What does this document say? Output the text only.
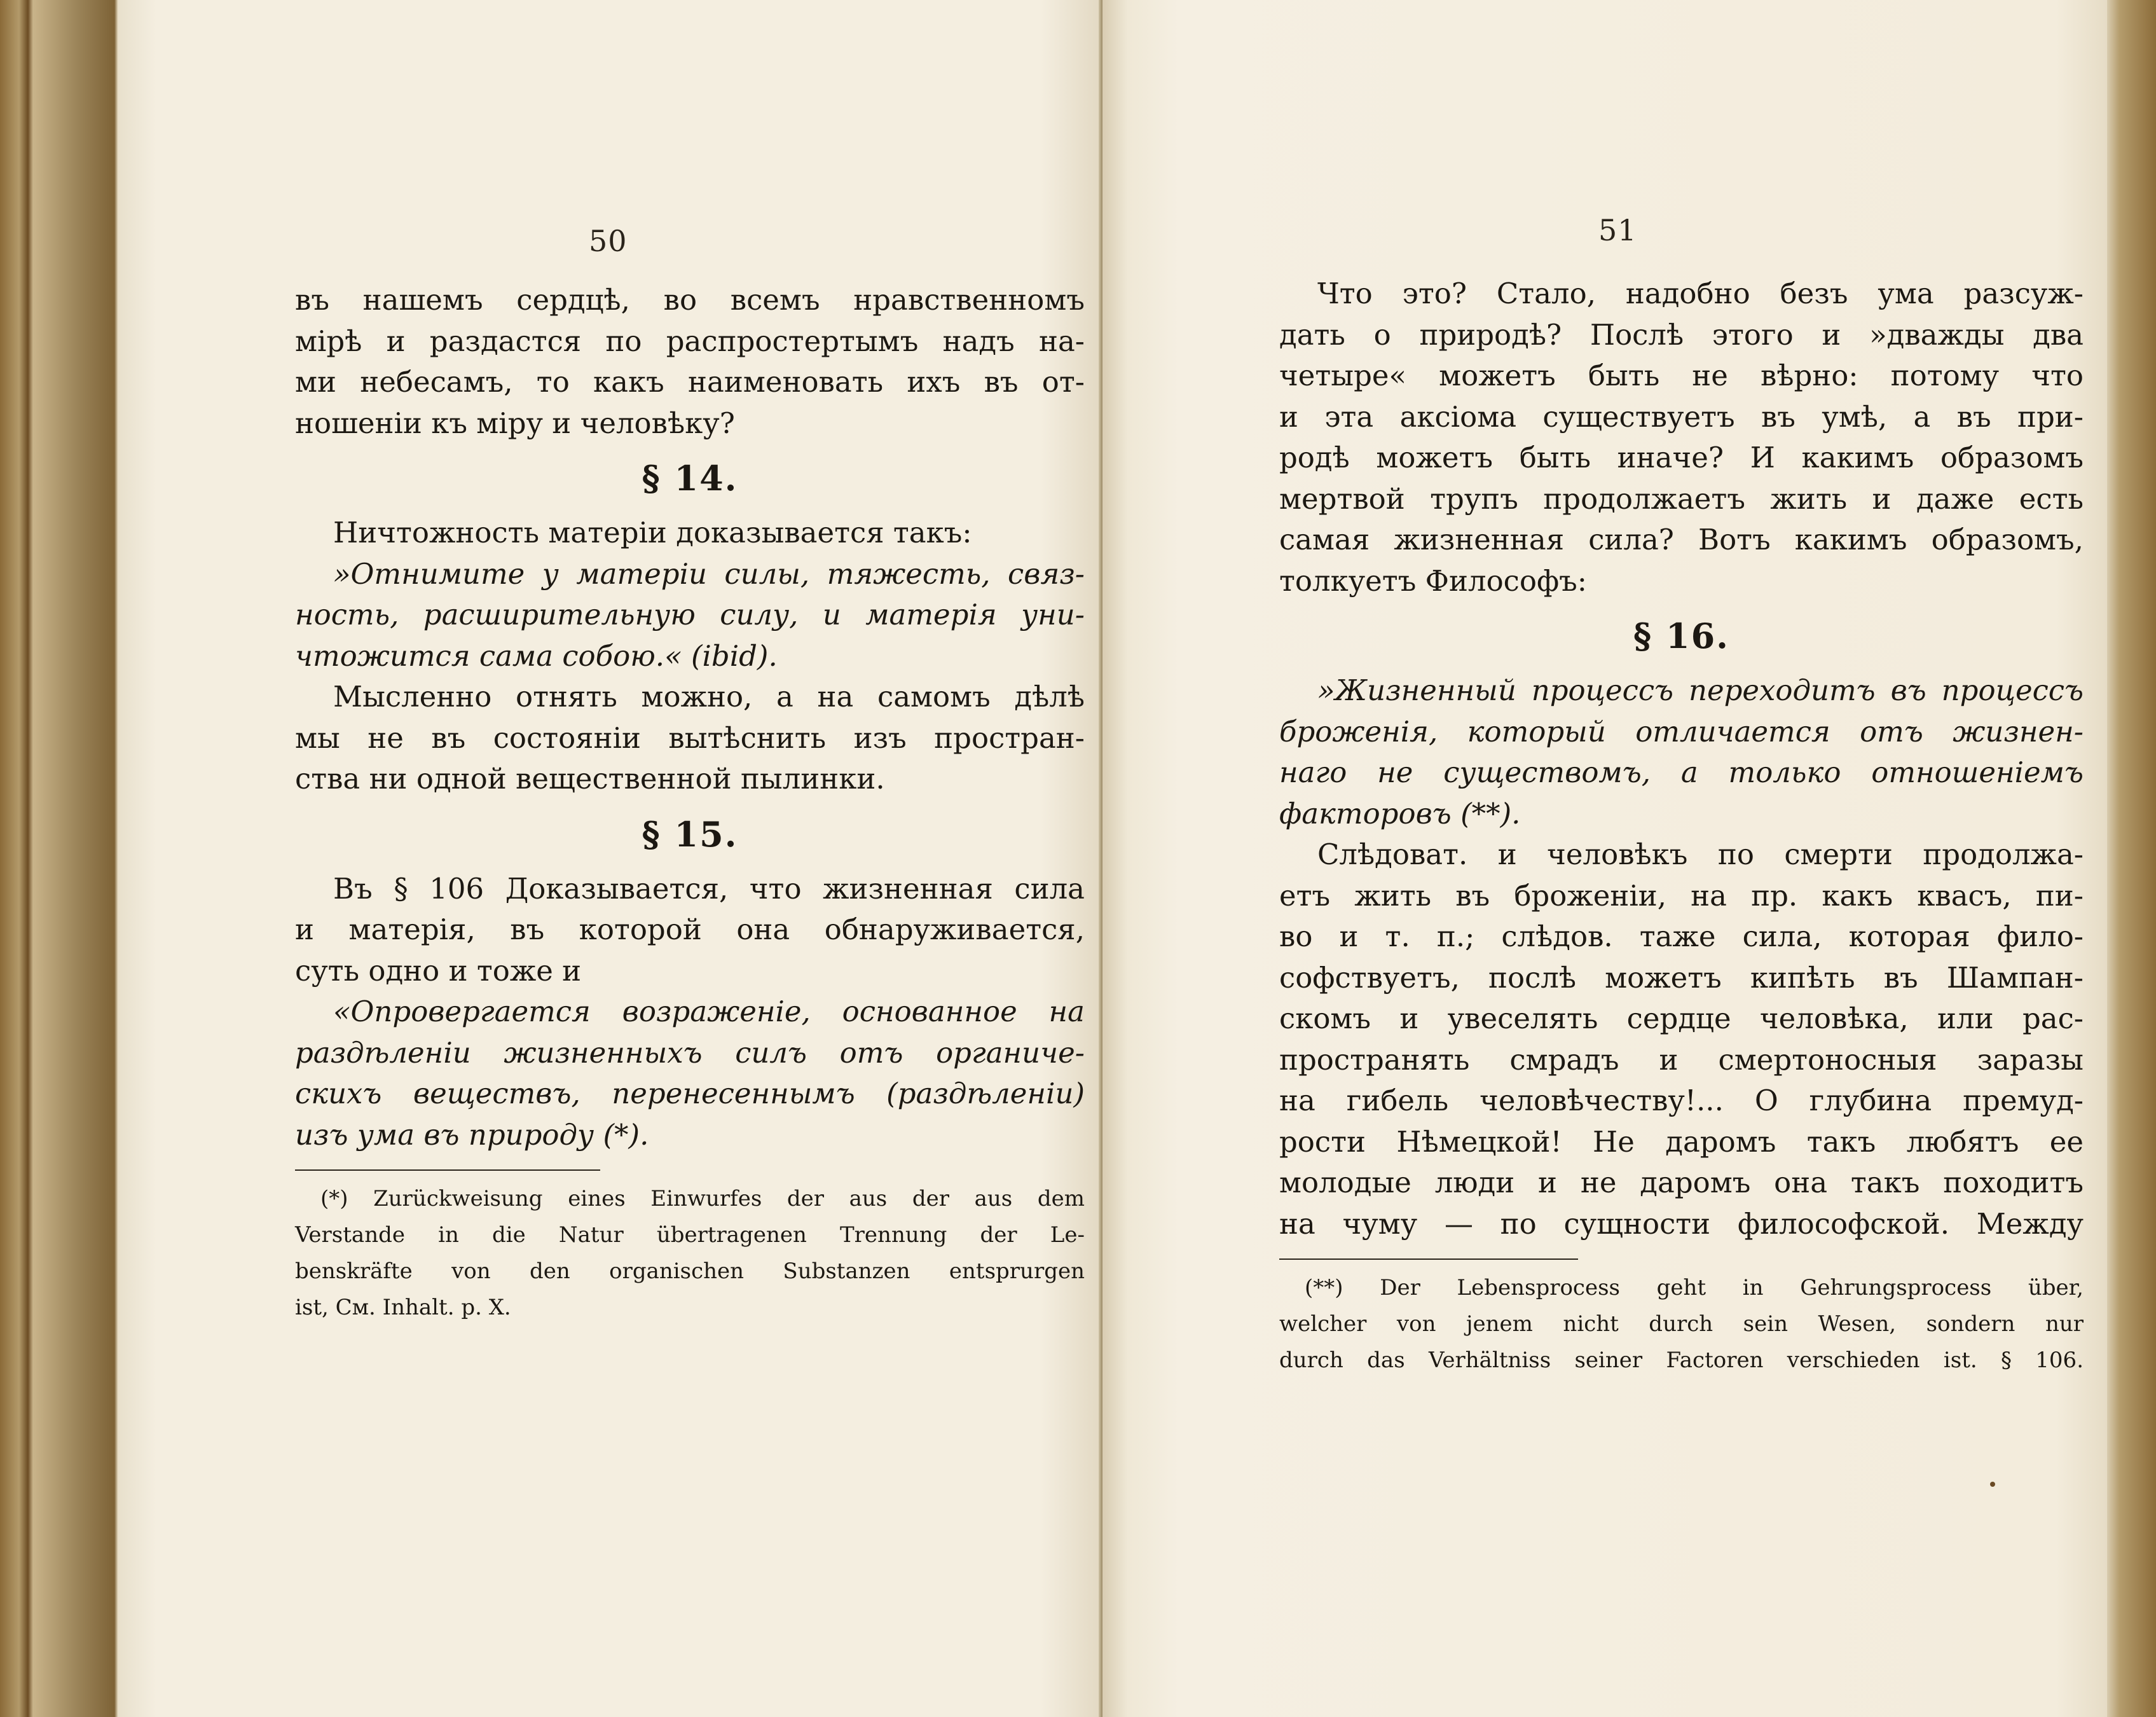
50
въ нашемъ сердцѣ, во всемъ нравственномъ
мірѣ и раздастся по распростертымъ надъ на-
ми небесамъ, то какъ наименовать ихъ въ от-
ношеніи къ міру и человѣку?
§ 14.
Ничтожность матеріи доказывается такъ:
»Отнимите у матеріи силы, тяжесть, связ-
ность, расширительную силу, и матерія уни-
чтожится сама собою.« (ibid).
Мысленно отнять можно, а на самомъ дѣлѣ
мы не въ состояніи вытѣснить изъ простран-
ства ни одной вещественной пылинки.
§ 15.
Въ § 106 Доказывается, что жизненная сила
и матерія, въ которой она обнаруживается,
суть одно и тоже и
«Опровергается возраженіе, основанное на
раздѣленіи жизненныхъ силъ отъ органиче-
скихъ веществъ, перенесеннымъ (раздѣленіи)
изъ ума въ природу (*).
(*) Zurückweisung eines Einwurfes der aus der aus dem
Verstande in die Natur übertragenen Trennung der Le-
benskräfte von den organischen Substanzen entsprurgen
ist, См. Inhalt. p. X.
51
Что это? Стало, надобно безъ ума разсуж-
дать о природѣ? Послѣ этого и »дважды два
четыре« можетъ быть не вѣрно: потому что
и эта аксіома существуетъ въ умѣ, а въ при-
родѣ можетъ быть иначе? И какимъ образомъ
мертвой трупъ продолжаетъ жить и даже есть
самая жизненная сила? Вотъ какимъ образомъ,
толкуетъ Философъ:
§ 16.
»Жизненный процессъ переходитъ въ процессъ
броженія, который отличается отъ жизнен-
наго не существомъ, а только отношеніемъ
факторовъ (**).
Слѣдоват. и человѣкъ по смерти продолжа-
етъ жить въ броженіи, на пр. какъ квасъ, пи-
во и т. п.; слѣдов. таже сила, которая фило-
софствуетъ, послѣ можетъ кипѣть въ Шампан-
скомъ и увеселять сердце человѣка, или рас-
пространять смрадъ и смертоносныя заразы
на гибель человѣчеству!... О глубина премуд-
рости Нѣмецкой! Не даромъ такъ любятъ ее
молодые люди и не даромъ она такъ походитъ
на чуму — по сущности философской. Между
(**) Der Lebensprocess geht in Gehrungsprocess über,
welcher von jenem nicht durch sein Wesen, sondern nur
durch das Verhältniss seiner Factoren verschieden ist. § 106.
